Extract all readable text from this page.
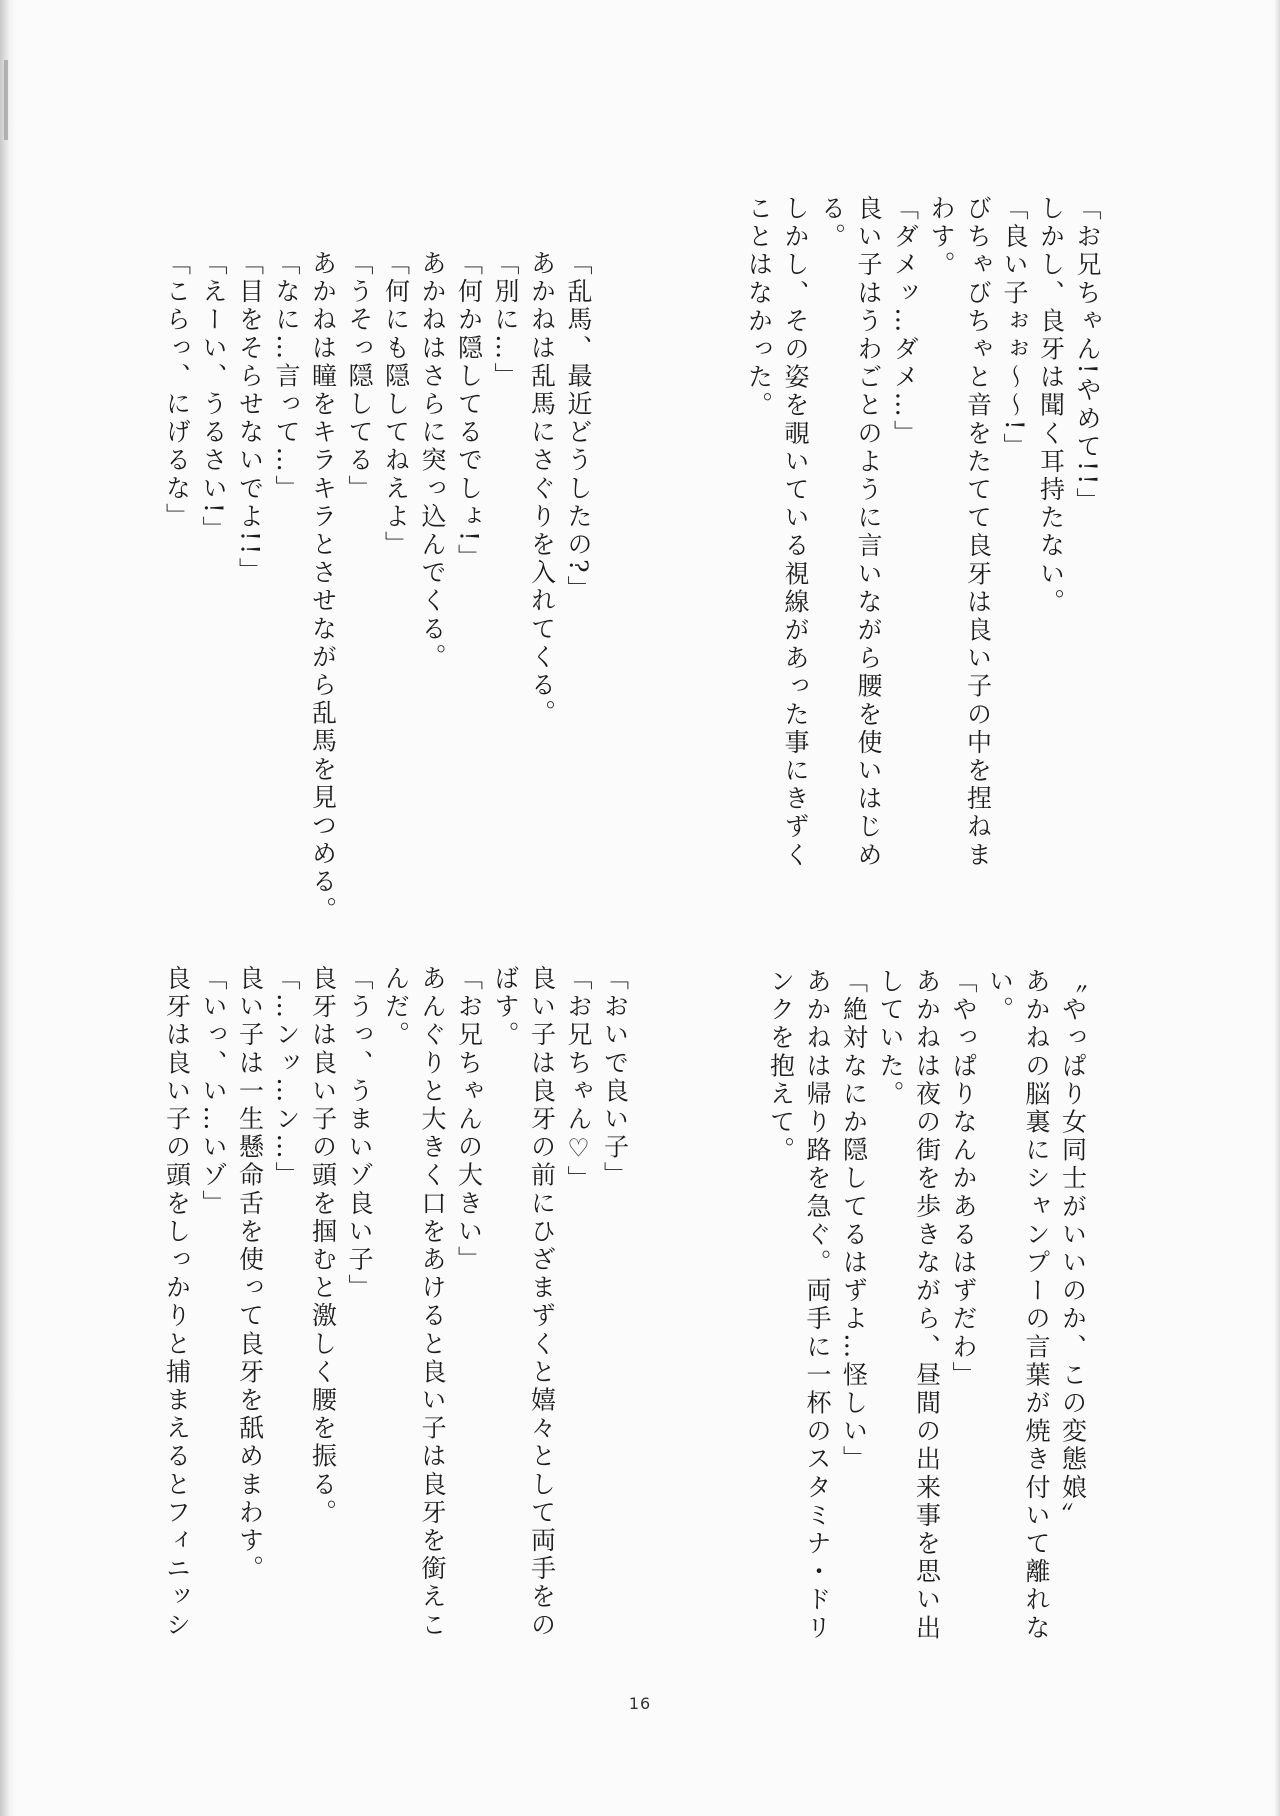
「お兄ちゃん!やめて!!」
しかし、良牙は聞く耳持たない。
「良い子ぉぉ〜〜!」
びちゃびちゃと音をたてて良牙は良い子の中を捏ねま
わす。
「ダメッ…ダメ…」
良い子はうわごとのように言いながら腰を使いはじめ
る。
しかし、その姿を覗いている視線があった事にきずく
ことはなかった。
「乱馬、最近どうしたの?」
あかねは乱馬にさぐりを入れてくる。
「別に…」
「何か隠してるでしょ!」
あかねはさらに突っ込んでくる。
「何にも隠してねえよ」
「うそっ隠してる」
あかねは瞳をキラキラとさせながら乱馬を見つめる。
「なに…言って…」
「目をそらせないでよ!!」
「えーい、うるさい!」
「こらっ、にげるな」
〝やっぱり女同士がいいのか、この変態娘〟
あかねの脳裏にシャンプーの言葉が焼き付いて離れな
い。
「やっぱりなんかあるはずだわ」
あかねは夜の街を歩きながら、昼間の出来事を思い出
していた。
「絶対なにか隠してるはずよ…怪しい」
あかねは帰り路を急ぐ。両手に一杯のスタミナ・ドリ
ンクを抱えて。
「おいで良い子」
「お兄ちゃん♡」
良い子は良牙の前にひざまずくと嬉々として両手をの
ばす。
「お兄ちゃんの大きい」
あんぐりと大きく口をあけると良い子は良牙を銜えこ
んだ。
「うっ、うまいゾ良い子」
良牙は良い子の頭を掴むと激しく腰を振る。
「…ンッ…ン…」
良い子は一生懸命舌を使って良牙を舐めまわす。
「いっ、い…いゾ」
良牙は良い子の頭をしっかりと捕まえるとフィニッシ
16
